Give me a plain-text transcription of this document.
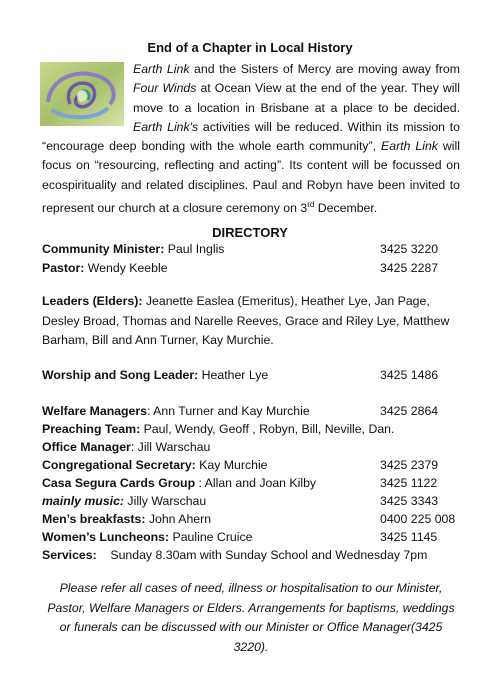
End of a Chapter in Local History
Earth Link and the Sisters of Mercy are moving away from Four Winds at Ocean View at the end of the year. They will move to a location in Brisbane at a place to be decided. Earth Link's activities will be reduced. Within its mission to “encourage deep bonding with the whole earth community”, Earth Link will focus on “resourcing, reflecting and acting”. Its content will be focussed on ecospirituality and related disciplines. Paul and Robyn have been invited to represent our church at a closure ceremony on 3rd December.
DIRECTORY
Community Minister: Paul Inglis	3425 3220
Pastor: Wendy Keeble	3425 2287
Leaders (Elders): Jeanette Easlea (Emeritus), Heather Lye, Jan Page, Desley Broad, Thomas and Narelle Reeves, Grace and Riley Lye, Matthew Barham, Bill and Ann Turner, Kay Murchie.
Worship and Song Leader: Heather Lye	3425 1486
Welfare Managers: Ann Turner and Kay Murchie	3425 2864
Preaching Team: Paul, Wendy, Geoff , Robyn, Bill, Neville, Dan.
Office Manager: Jill Warschau
Congregational Secretary: Kay Murchie	3425 2379
Casa Segura Cards Group : Allan and Joan Kilby	3425 1122
mainly music: Jilly Warschau	3425 3343
Men’s breakfasts: John Ahern	0400 225 008
Women’s Luncheons: Pauline Cruice	3425 1145
Services:    Sunday 8.30am with Sunday School and Wednesday 7pm
Please refer all cases of need, illness or hospitalisation to our Minister, Pastor, Welfare Managers or Elders. Arrangements for baptisms, weddings or funerals can be discussed with our Minister or Office Manager(3425 3220).
